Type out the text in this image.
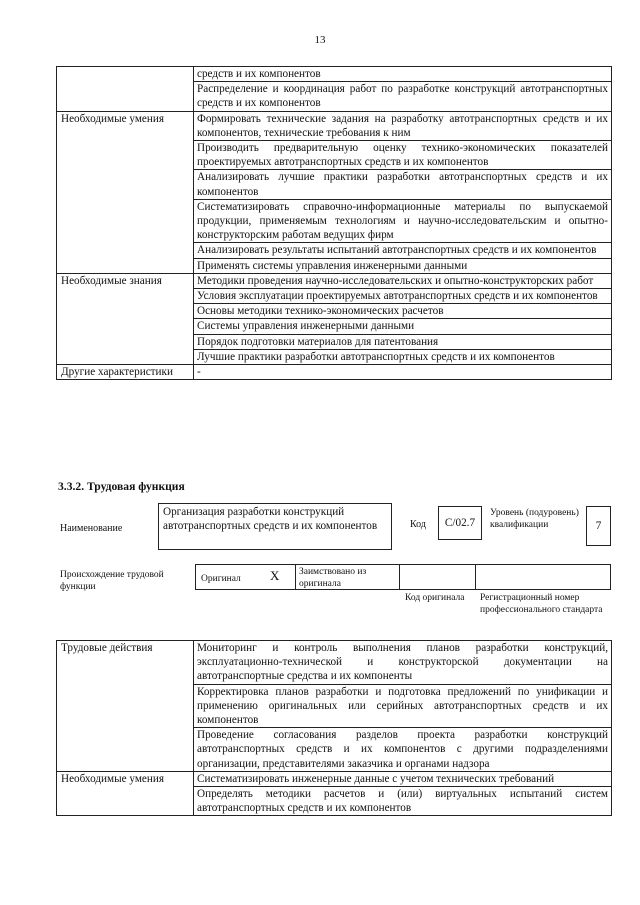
13
	средств и их компонентов
	Распределение и координация работ по разработке конструкций автотранспортных средств и их компонентов
Необходимые умения	Формировать технические задания на разработку автотранспортных средств и их компонентов, технические требования к ним
	Производить предварительную оценку технико-экономических показателей проектируемых автотранспортных средств и их компонентов
	Анализировать лучшие практики разработки автотранспортных средств и их компонентов
	Систематизировать справочно-информационные материалы по выпускаемой продукции, применяемым технологиям и научно-исследовательским и опытно-конструкторским работам ведущих фирм
	Анализировать результаты испытаний автотранспортных средств и их компонентов
	Применять системы управления инженерными данными
Необходимые знания	Методики проведения научно-исследовательских и опытно-конструкторских работ
	Условия эксплуатации проектируемых автотранспортных средств и их компонентов
	Основы методики технико-экономических расчетов
	Системы управления инженерными данными
	Порядок подготовки материалов для патентования
	Лучшие практики разработки автотранспортных средств и их компонентов
Другие характеристики	-
3.3.2. Трудовая функция
Наименование
Организация разработки конструкций автотранспортных средств и их компонентов	Код	C/02.7
Уровень (подуровень) квалификации	7
Происхождение трудовой функции
Оригинал X Заимствовано из оригинала
Код оригинала Регистрационный номер профессионального стандарта
Трудовые действия	Мониторинг и контроль выполнения планов разработки конструкций, эксплуатационно-технической и конструкторской документации на автотранспортные средства и их компоненты
	Корректировка планов разработки и подготовка предложений по унификации и применению оригинальных или серийных автотранспортных средств и их компонентов
	Проведение согласования разделов проекта разработки конструкций автотранспортных средств и их компонентов с другими подразделениями организации, представителями заказчика и органами надзора
Необходимые умения	Систематизировать инженерные данные с учетом технических требований
	Определять методики расчетов и (или) виртуальных испытаний систем автотранспортных средств и их компонентов
